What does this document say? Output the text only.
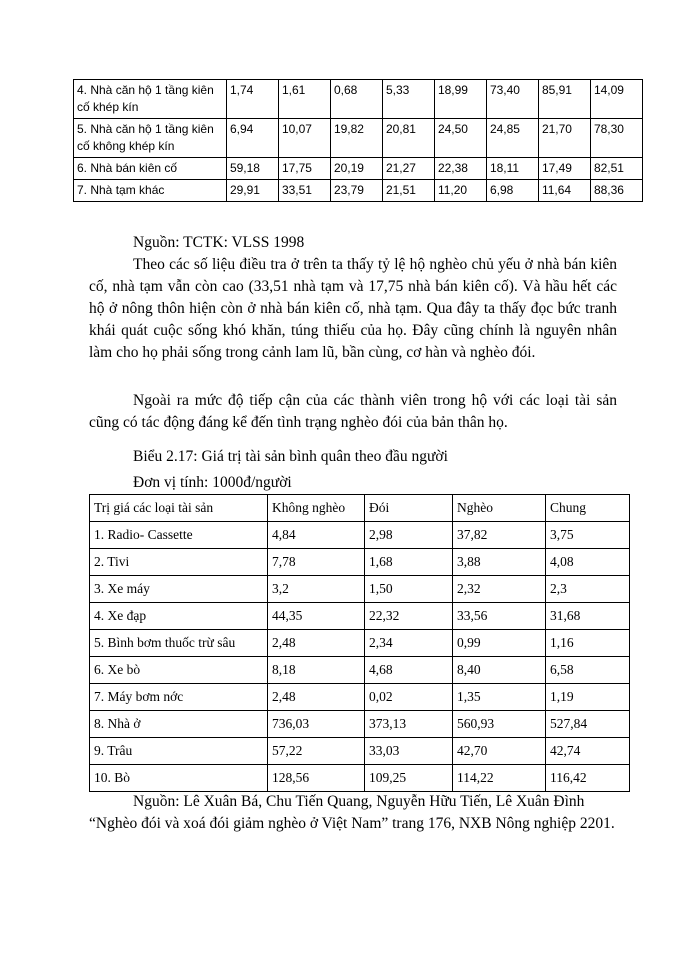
4. Nhà căn hộ 1 tầng kiên cố khép kín	1,74	1,61	0,68	5,33	18,99	73,40	85,91	14,09
5. Nhà căn hộ 1 tầng kiên cố không khép kín	6,94	10,07	19,82	20,81	24,50	24,85	21,70	78,30
6. Nhà bán kiên cố	59,18	17,75	20,19	21,27	22,38	18,11	17,49	82,51
7. Nhà tạm khác	29,91	33,51	23,79	21,51	11,20	6,98	11,64	88,36
Nguồn: TCTK: VLSS 1998
Theo các số liệu điều tra ở trên ta thấy tỷ lệ hộ nghèo chủ yếu ở nhà bán kiên cố, nhà tạm vẫn còn cao (33,51 nhà tạm và 17,75 nhà bán kiên cố). Và hầu hết các hộ ở nông thôn hiện còn ở nhà bán kiên cố, nhà tạm. Qua đây ta thấy đọc bức tranh khái quát cuộc sống khó khăn, túng thiếu của họ. Đây cũng chính là nguyên nhân làm cho họ phải sống trong cảnh lam lũ, bần cùng, cơ hàn và nghèo đói.
Ngoài ra mức độ tiếp cận của các thành viên trong hộ với các loại tài sản cũng có tác động đáng kể đến tình trạng nghèo đói của bản thân họ.
Biểu 2.17: Giá trị tài sản bình quân theo đầu người
Đơn vị tính: 1000đ/người
Trị giá các loại tài sản	Không nghèo	Đói	Nghèo	Chung
1. Radio- Cassette	4,84	2,98	37,82	3,75
2. Tivi	7,78	1,68	3,88	4,08
3. Xe máy	3,2	1,50	2,32	2,3
4. Xe đạp	44,35	22,32	33,56	31,68
5. Bình bơm thuốc trừ sâu	2,48	2,34	0,99	1,16
6. Xe bò	8,18	4,68	8,40	6,58
7. Máy bơm nớc	2,48	0,02	1,35	1,19
8. Nhà ở	736,03	373,13	560,93	527,84
9. Trâu	57,22	33,03	42,70	42,74
10. Bò	128,56	109,25	114,22	116,42
Nguồn: Lê Xuân Bá, Chu Tiến Quang, Nguyễn Hữu Tiến, Lê Xuân Đình “Nghèo đói và xoá đói giảm nghèo ở Việt Nam” trang 176, NXB Nông nghiệp 2201.
